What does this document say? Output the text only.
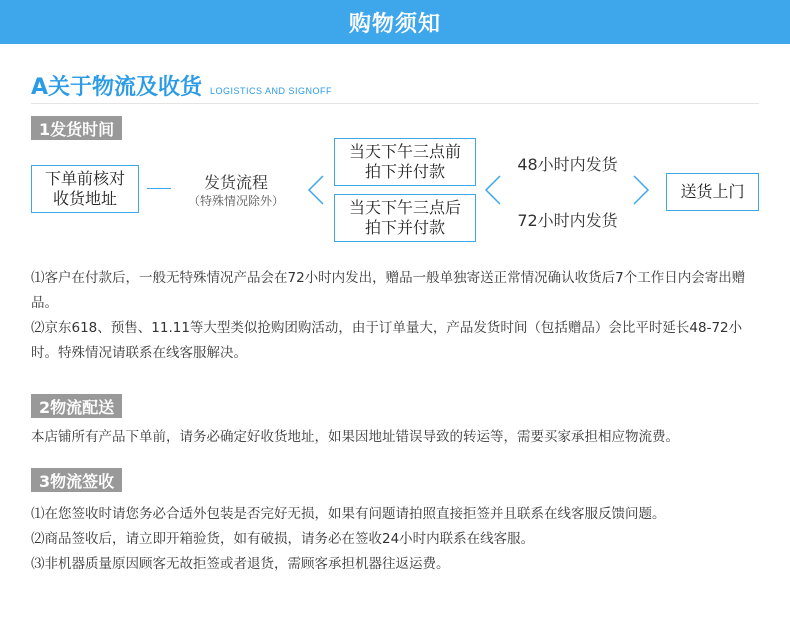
购物须知
A关于物流及收货 LOGISTICS AND SIGNOFF
1发货时间
下单前核对
收货地址
发货流程
（特殊情况除外）
当天下午三点前
拍下并付款
当天下午三点后
拍下并付款
48小时内发货
72小时内发货
送货上门

⑴客户在付款后，一般无特殊情况产品会在72小时内发出，赠品一般单独寄送正常情况确认收货后7个工作日内会寄出赠品。

⑵京东618、预售、11.11等大型类似抢购团购活动，由于订单量大，产品发货时间（包括赠品）会比平时延长48-72小时。特殊情况请联系在线客服解决。

2物流配送

本店铺所有产品下单前，请务必确定好收货地址，如果因地址错误导致的转运等，需要买家承担相应物流费。

3物流签收

⑴在您签收时请您务必合适外包装是否完好无损，如果有问题请拍照直接拒签并且联系在线客服反馈问题。

⑵商品签收后，请立即开箱验货，如有破损，请务必在签收24小时内联系在线客服。

⑶非机器质量原因顾客无故拒签或者退货，需顾客承担机器往返运费。
